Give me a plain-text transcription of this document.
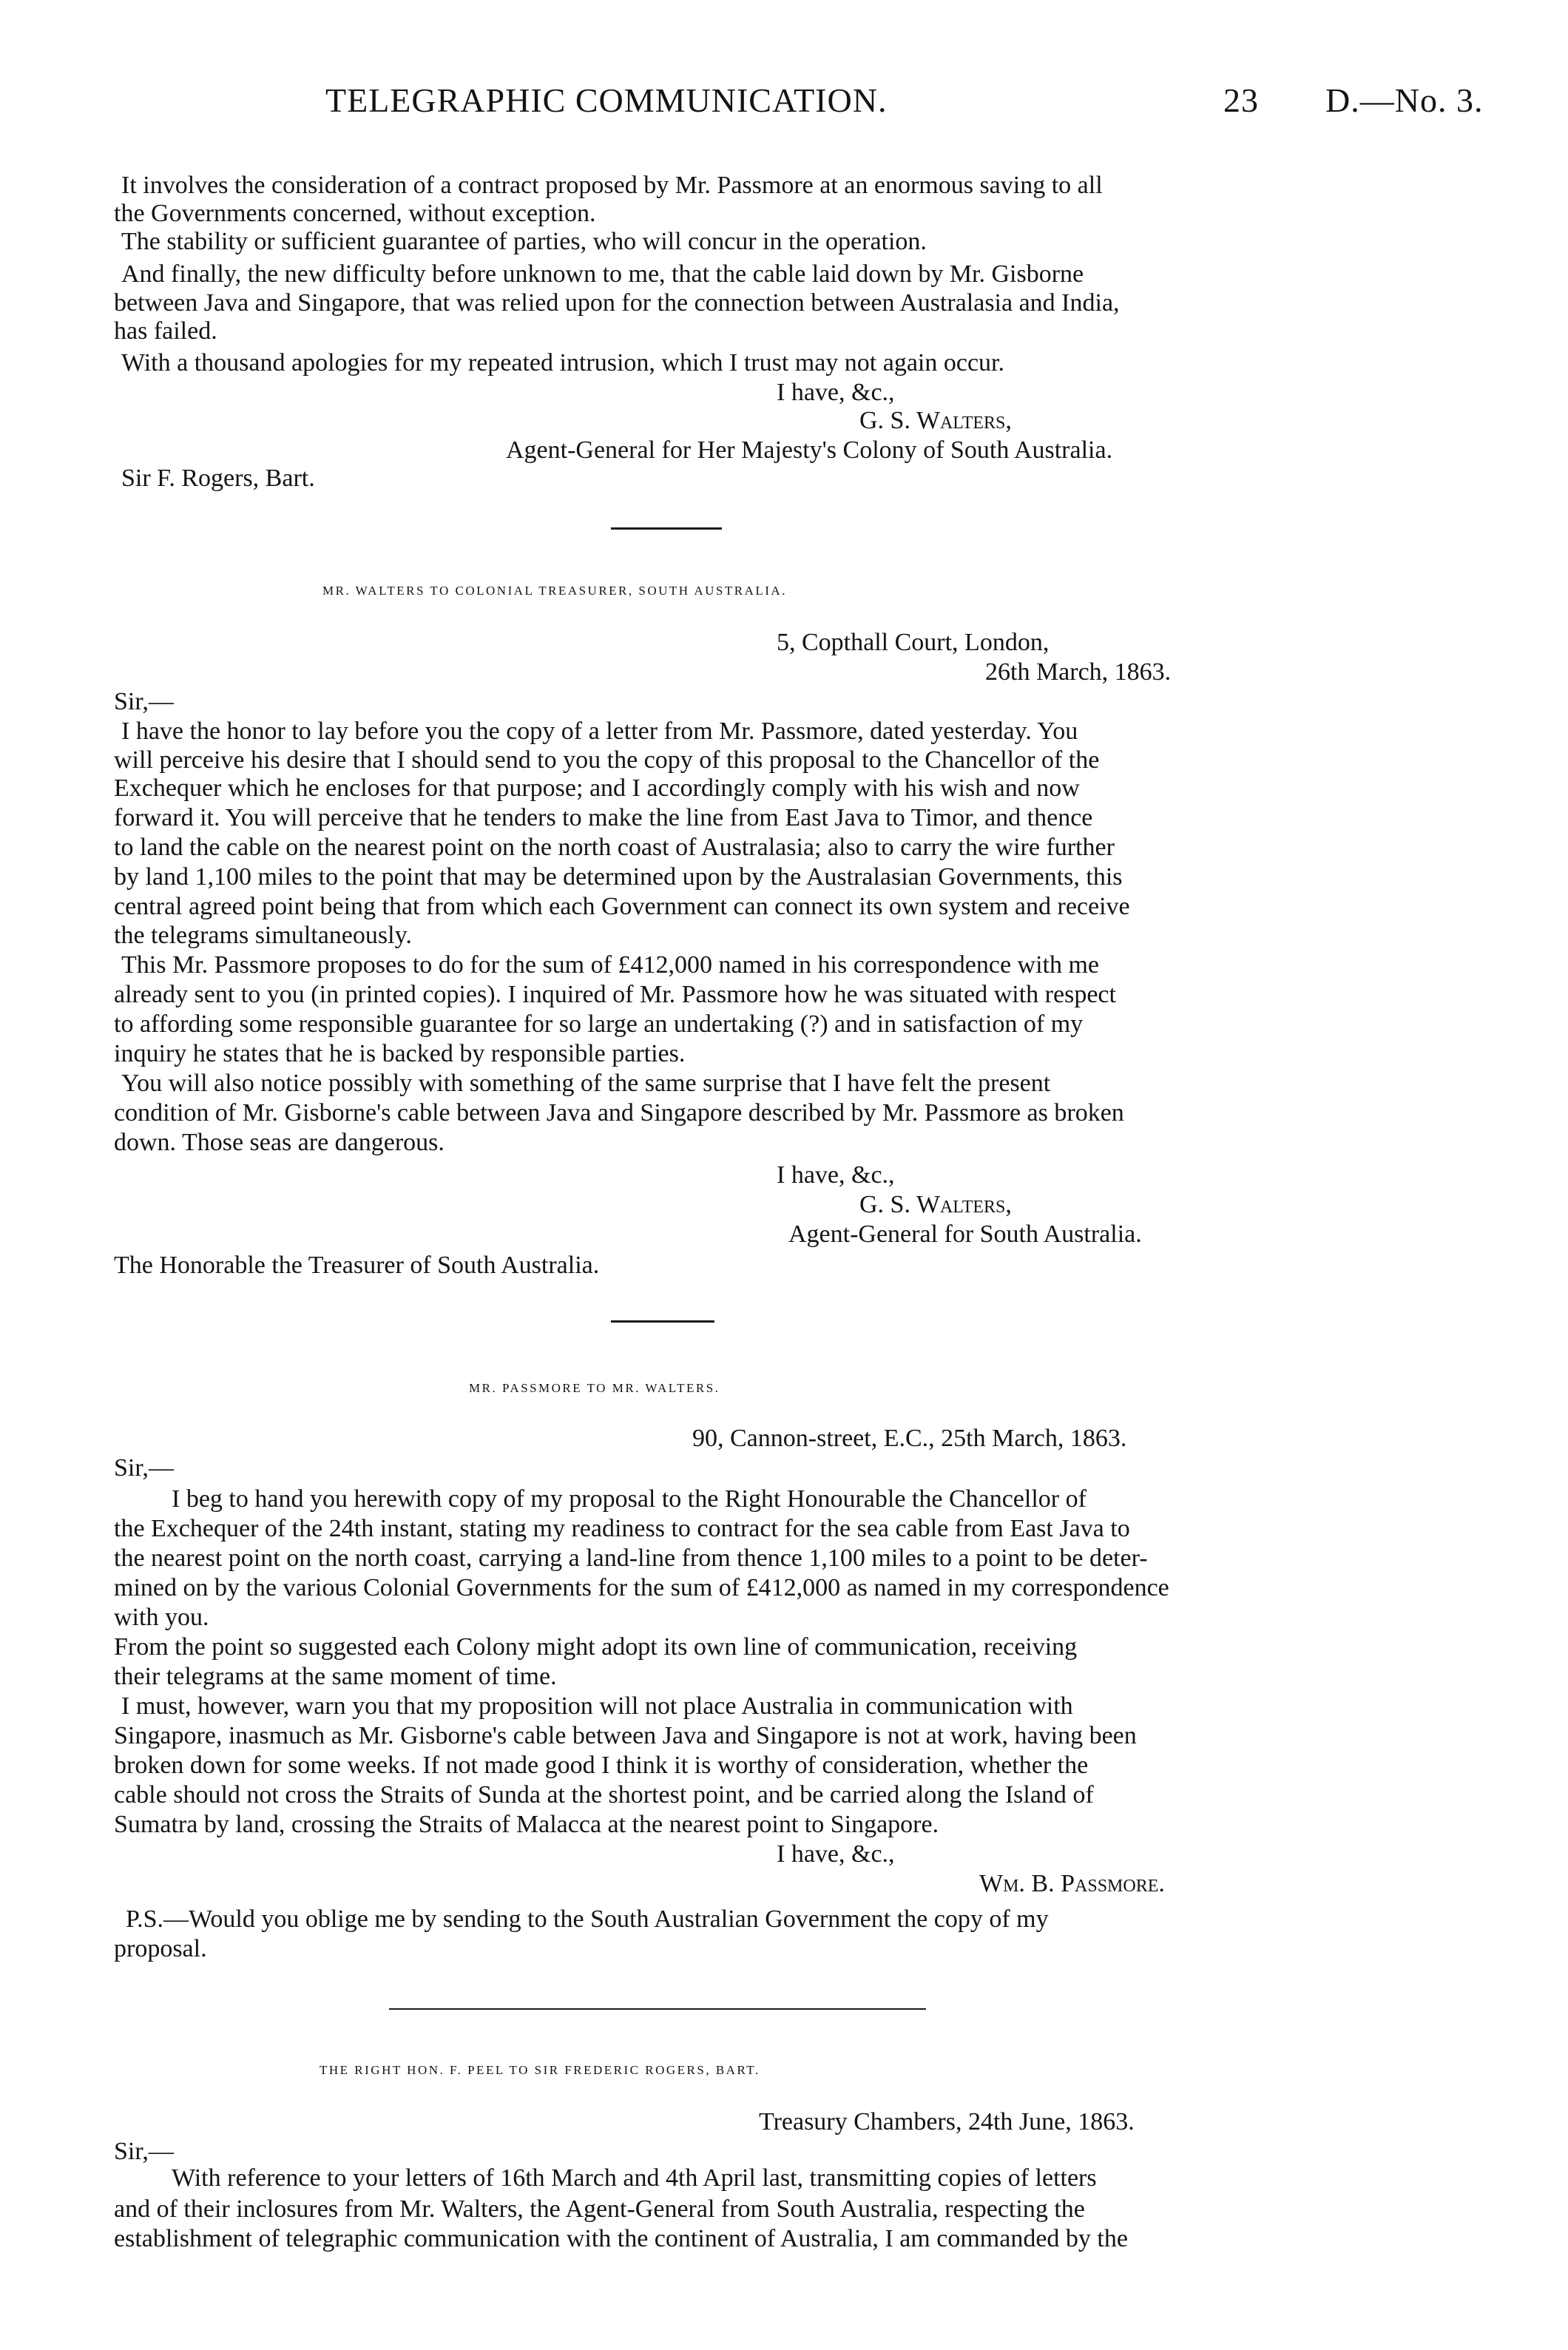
TELEGRAPHIC COMMUNICATION.	23 D.—No. 3.
It involves the consideration of a contract proposed by Mr. Passmore at an enormous saving to all
the Governments concerned, without exception.
The stability or sufficient guarantee of parties, who will concur in the operation.
And finally, the new difficulty before unknown to me, that the cable laid down by Mr. Gisborne
between Java and Singapore, that was relied upon for the connection between Australasia and India,
has failed.
With a thousand apologies for my repeated intrusion, which I trust may not again occur.
I have, &c.,
G. S. Walters,
Agent-General for Her Majesty's Colony of South Australia.
Sir F. Rogers, Bart.
MR. WALTERS TO COLONIAL TREASURER, SOUTH AUSTRALIA.
5, Copthall Court, London,
26th March, 1863.
Sir,—
I have the honor to lay before you the copy of a letter from Mr. Passmore, dated yesterday. You
will perceive his desire that I should send to you the copy of this proposal to the Chancellor of the
Exchequer which he encloses for that purpose; and I accordingly comply with his wish and now
forward it. You will perceive that he tenders to make the line from East Java to Timor, and thence
to land the cable on the nearest point on the north coast of Australasia; also to carry the wire further
by land 1,100 miles to the point that may be determined upon by the Australasian Governments, this
central agreed point being that from which each Government can connect its own system and receive
the telegrams simultaneously.
This Mr. Passmore proposes to do for the sum of £412,000 named in his correspondence with me
already sent to you (in printed copies). I inquired of Mr. Passmore how he was situated with respect
to affording some responsible guarantee for so large an undertaking (?) and in satisfaction of my
inquiry he states that he is backed by responsible parties.
You will also notice possibly with something of the same surprise that I have felt the present
condition of Mr. Gisborne's cable between Java and Singapore described by Mr. Passmore as broken
down. Those seas are dangerous.
I have, &c.,
G. S. Walters,
Agent-General for South Australia.
The Honorable the Treasurer of South Australia.
MR. PASSMORE TO MR. WALTERS.
90, Cannon-street, E.C., 25th March, 1863.
Sir,—
I beg to hand you herewith copy of my proposal to the Right Honourable the Chancellor of
the Exchequer of the 24th instant, stating my readiness to contract for the sea cable from East Java to
the nearest point on the north coast, carrying a land-line from thence 1,100 miles to a point to be deter-
mined on by the various Colonial Governments for the sum of £412,000 as named in my correspondence
with you.
From the point so suggested each Colony might adopt its own line of communication, receiving
their telegrams at the same moment of time.
I must, however, warn you that my proposition will not place Australia in communication with
Singapore, inasmuch as Mr. Gisborne's cable between Java and Singapore is not at work, having been
broken down for some weeks. If not made good I think it is worthy of consideration, whether the
cable should not cross the Straits of Sunda at the shortest point, and be carried along the Island of
Sumatra by land, crossing the Straits of Malacca at the nearest point to Singapore.
I have, &c.,
Wm. B. Passmore.
P.S.—Would you oblige me by sending to the South Australian Government the copy of my
proposal.
THE RIGHT HON. F. PEEL TO SIR FREDERIC ROGERS, BART.
Treasury Chambers, 24th June, 1863.
Sir,—
With reference to your letters of 16th March and 4th April last, transmitting copies of letters
and of their inclosures from Mr. Walters, the Agent-General from South Australia, respecting the
establishment of telegraphic communication with the continent of Australia, I am commanded by the
